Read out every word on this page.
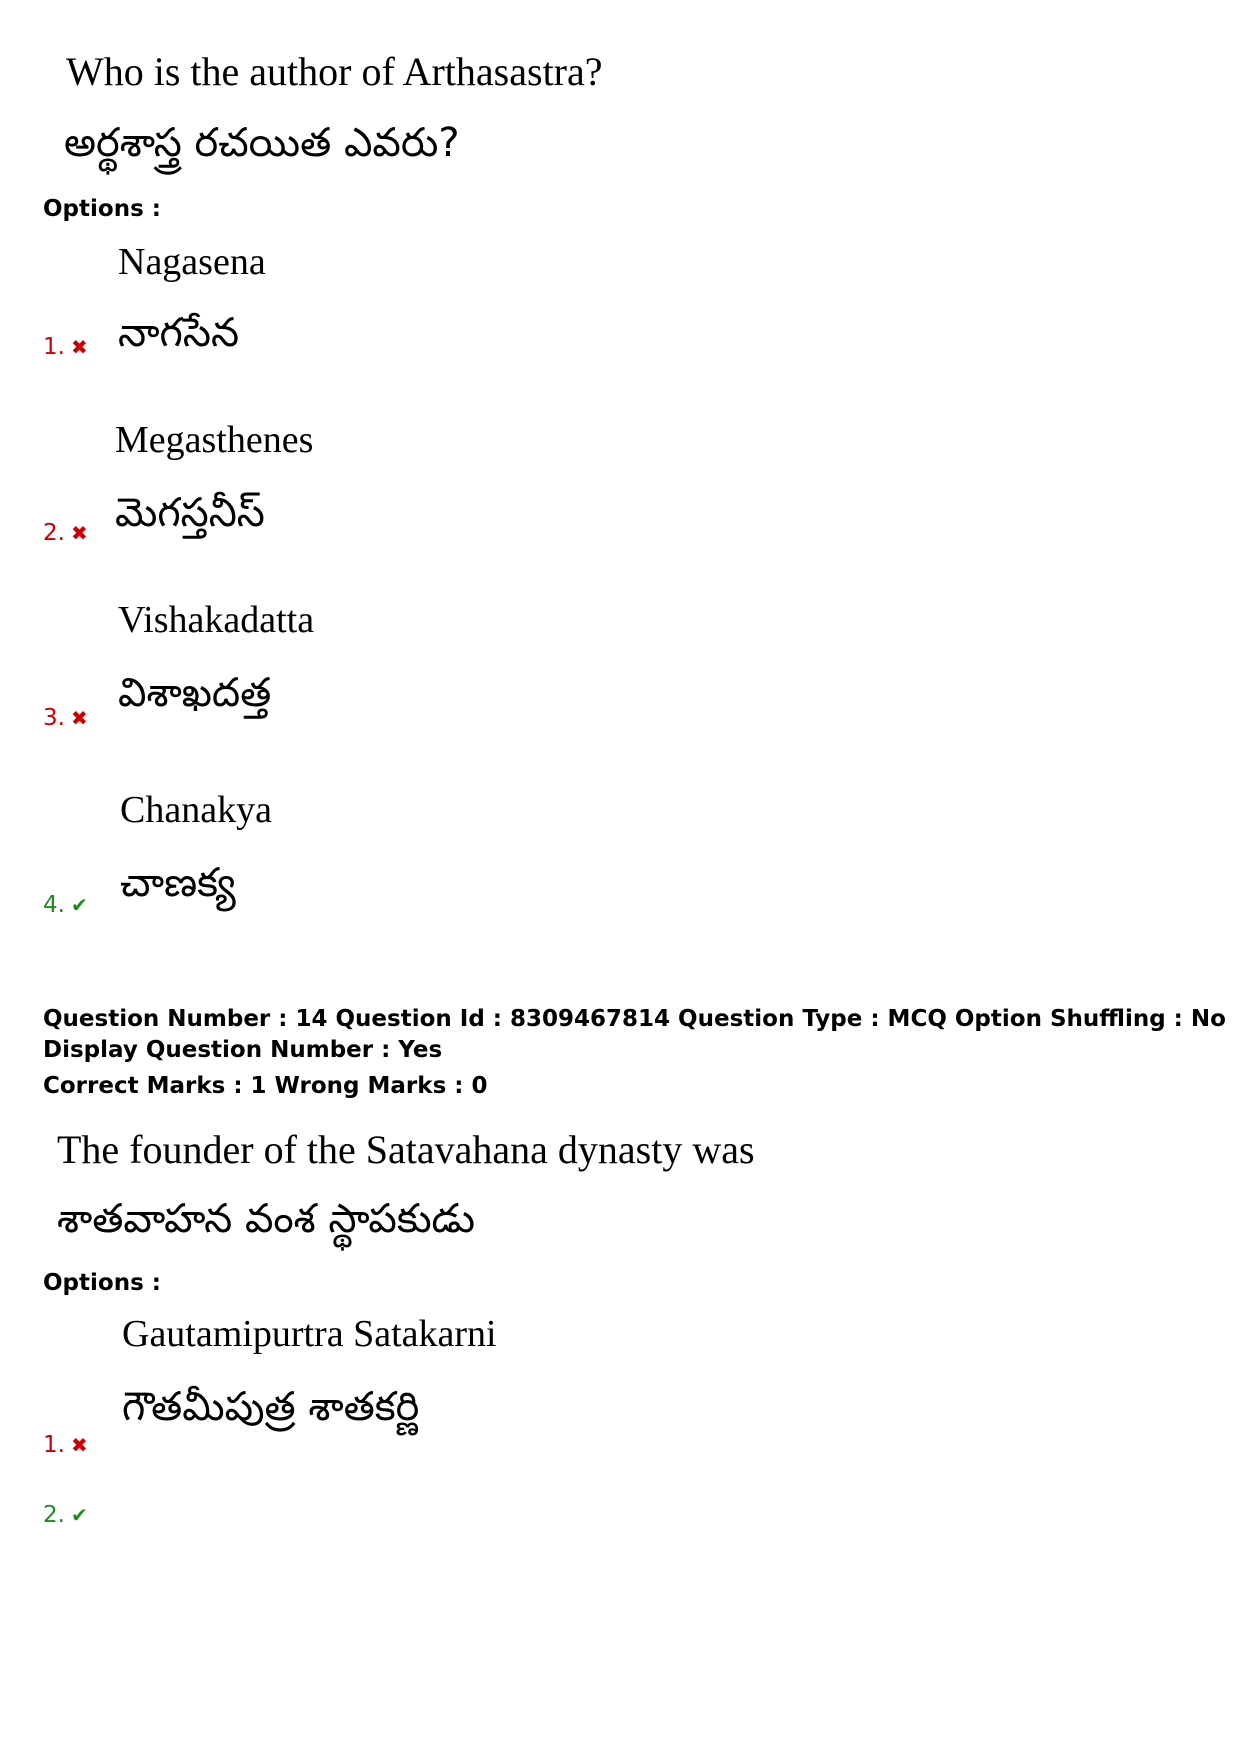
Who is the author of Arthasastra?
అర్థశాస్త్ర రచయిత ఎవరు?
Options :
Nagasena
నాగసేన
1. ✖
Megasthenes
మెగస్తనీస్
2. ✖
Vishakadatta
విశాఖదత్త
3. ✖
Chanakya
చాణక్య
4. ✔
Question Number : 14 Question Id : 8309467814 Question Type : MCQ Option Shuffling : No
Display Question Number : Yes
Correct Marks : 1 Wrong Marks : 0
The founder of the Satavahana dynasty was
శాతవాహన వంశ స్థాపకుడు
Options :
Gautamipurtra Satakarni
గౌతమీపుత్ర శాతకర్ణి
1. ✖
2. ✔
